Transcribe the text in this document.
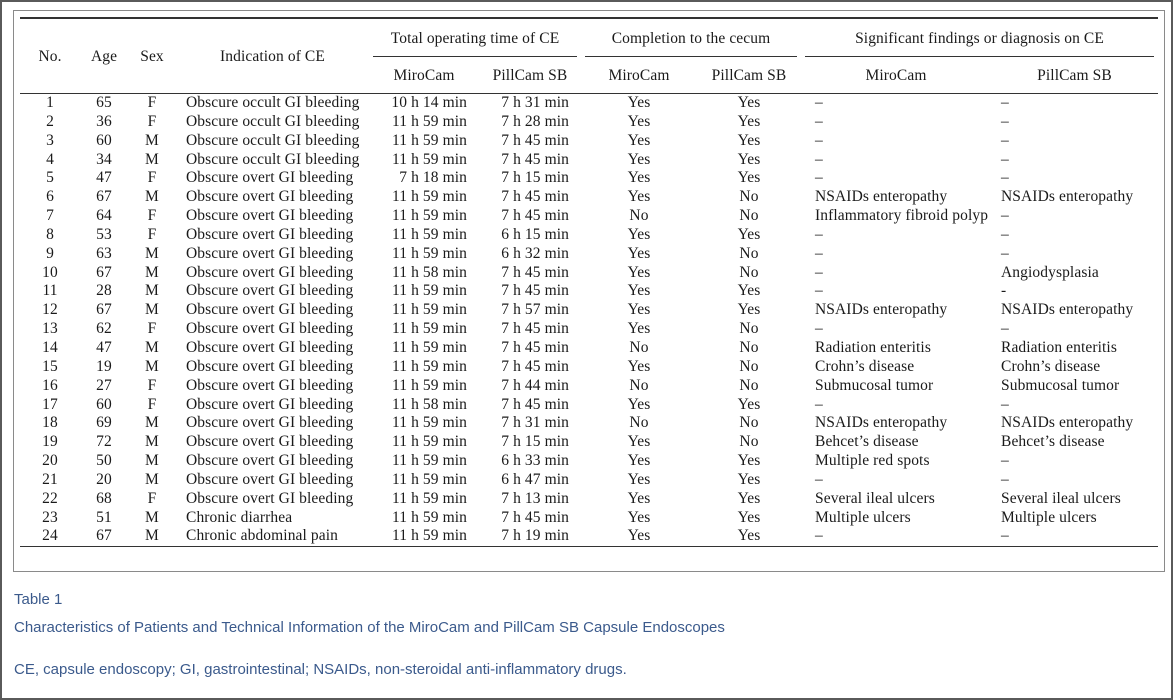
No.	Age	Sex	Indication of CE	Total operating time of CE		Completion to the cecum		Significant findings or diagnosis on CE	
				MiroCam	PillCam SB	MiroCam	PillCam SB	MiroCam	PillCam SB
1	65	F	Obscure occult GI bleeding	10 h 14 min	7 h 31 min	Yes	Yes	–	–
2	36	F	Obscure occult GI bleeding	11 h 59 min	7 h 28 min	Yes	Yes	–	–
3	60	M	Obscure occult GI bleeding	11 h 59 min	7 h 45 min	Yes	Yes	–	–
4	34	M	Obscure occult GI bleeding	11 h 59 min	7 h 45 min	Yes	Yes	–	–
5	47	F	Obscure overt GI bleeding	7 h 18 min	7 h 15 min	Yes	Yes	–	–
6	67	M	Obscure overt GI bleeding	11 h 59 min	7 h 45 min	Yes	No	NSAIDs enteropathy	NSAIDs enteropathy
7	64	F	Obscure overt GI bleeding	11 h 59 min	7 h 45 min	No	No	Inflammatory fibroid polyp	–
8	53	F	Obscure overt GI bleeding	11 h 59 min	6 h 15 min	Yes	Yes	–	–
9	63	M	Obscure overt GI bleeding	11 h 59 min	6 h 32 min	Yes	No	–	–
10	67	M	Obscure overt GI bleeding	11 h 58 min	7 h 45 min	Yes	No	–	Angiodysplasia
11	28	M	Obscure overt GI bleeding	11 h 59 min	7 h 45 min	Yes	Yes	–	-
12	67	M	Obscure overt GI bleeding	11 h 59 min	7 h 57 min	Yes	Yes	NSAIDs enteropathy	NSAIDs enteropathy
13	62	F	Obscure overt GI bleeding	11 h 59 min	7 h 45 min	Yes	No	–	–
14	47	M	Obscure overt GI bleeding	11 h 59 min	7 h 45 min	No	No	Radiation enteritis	Radiation enteritis
15	19	M	Obscure overt GI bleeding	11 h 59 min	7 h 45 min	Yes	No	Crohn’s disease	Crohn’s disease
16	27	F	Obscure overt GI bleeding	11 h 59 min	7 h 44 min	No	No	Submucosal tumor	Submucosal tumor
17	60	F	Obscure overt GI bleeding	11 h 58 min	7 h 45 min	Yes	Yes	–	–
18	69	M	Obscure overt GI bleeding	11 h 59 min	7 h 31 min	No	No	NSAIDs enteropathy	NSAIDs enteropathy
19	72	M	Obscure overt GI bleeding	11 h 59 min	7 h 15 min	Yes	No	Behcet’s disease	Behcet’s disease
20	50	M	Obscure overt GI bleeding	11 h 59 min	6 h 33 min	Yes	Yes	Multiple red spots	–
21	20	M	Obscure overt GI bleeding	11 h 59 min	6 h 47 min	Yes	Yes	–	–
22	68	F	Obscure overt GI bleeding	11 h 59 min	7 h 13 min	Yes	Yes	Several ileal ulcers	Several ileal ulcers
23	51	M	Chronic diarrhea	11 h 59 min	7 h 45 min	Yes	Yes	Multiple ulcers	Multiple ulcers
24	67	M	Chronic abdominal pain	11 h 59 min	7 h 19 min	Yes	Yes	–	–
Table 1
Characteristics of Patients and Technical Information of the MiroCam and PillCam SB Capsule Endoscopes
CE, capsule endoscopy; GI, gastrointestinal; NSAIDs, non-steroidal anti-inflammatory drugs.
